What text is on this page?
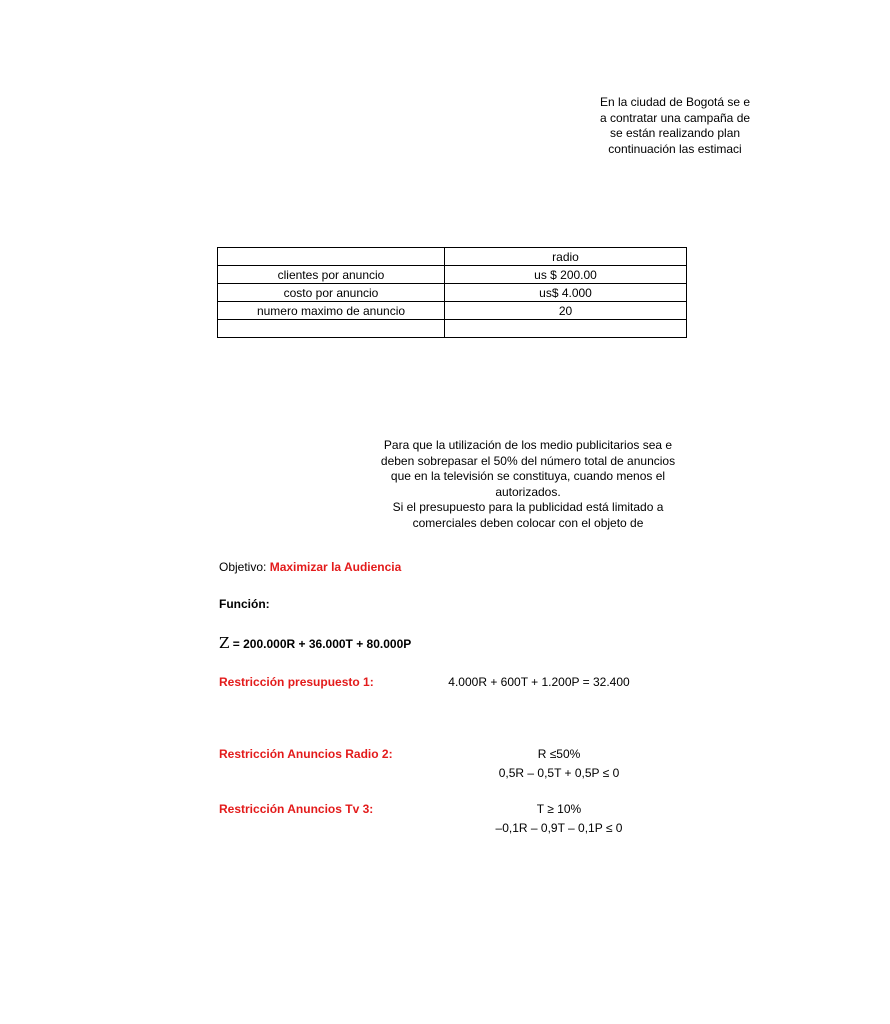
En la ciudad de Bogotá se e
a contratar una campaña de
se están realizando plan
continuación las estimaci
	radio
clientes por anuncio	us $ 200.00
costo por anuncio	us$ 4.000
numero maximo de anuncio	20

Para que la utilización de los medio publicitarios sea e
deben sobrepasar el 50% del número total de anuncios
que en la televisión se constituya, cuando menos el
autorizados.
Si el presupuesto para la publicidad está limitado a
comerciales deben colocar con el objeto de
Objetivo: Maximizar la Audiencia
Función:
Z = 200.000R + 36.000T + 80.000P
Restricción presupuesto 1:	4.000R + 600T + 1.200P = 32.400
Restricción Anuncios Radio 2:	R ≤50%
0,5R – 0,5T + 0,5P ≤ 0
Restricción Anuncios Tv 3:	T ≥ 10%
–0,1R – 0,9T – 0,1P ≤ 0
